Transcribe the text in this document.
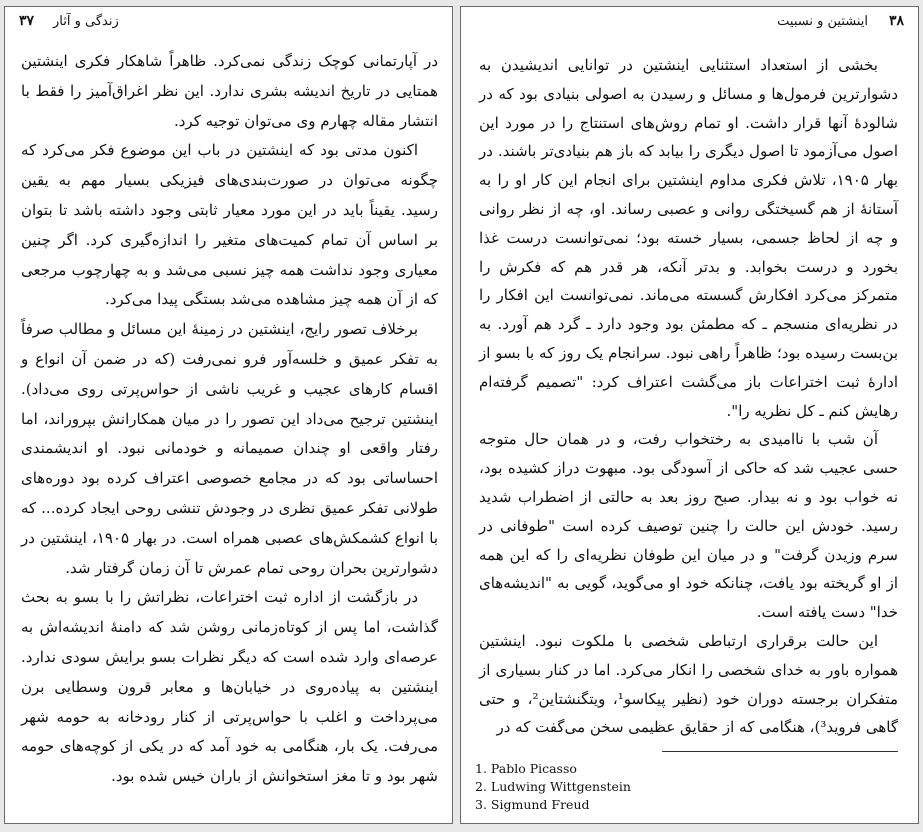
۳۷ زندگی و آثار

در آپارتمانی کوچک زندگی نمی‌کرد. ظاهراً شاهکار فکری اینشتین همتایی در تاریخ اندیشه بشری ندارد. این نظر اغراق‌آمیز را فقط با انتشار مقاله چهارم وی می‌توان توجیه کرد.

اکنون مدتی بود که اینشتین در باب این موضوع فکر می‌کرد که چگونه می‌توان در صورت‌بندی‌های فیزیکی بسیار مهم به یقین رسید. یقیناً باید در این مورد معیار ثابتی وجود داشته باشد تا بتوان بر اساس آن تمام کمیت‌های متغیر را اندازه‌گیری کرد. اگر چنین معیاری وجود نداشت همه چیز نسبی می‌شد و به چهارچوب مرجعی که از آن همه چیز مشاهده می‌شد بستگی پیدا می‌کرد.

برخلاف تصور رایج، اینشتین در زمینهٔ این مسائل و مطالب صرفاً به تفکر عمیق و خلسه‌آور فرو نمی‌رفت (که در ضمن آن انواع و اقسام کارهای عجیب و غریب ناشی از حواس‌پرتی روی می‌داد). اینشتین ترجیح می‌داد این تصور را در میان همکارانش بپروراند، اما رفتار واقعی او چندان صمیمانه و خودمانی نبود. او اندیشمندی احساساتی بود که در مجامع خصوصی اعتراف کرده بود دوره‌های طولانی تفکر عمیق نظری در وجودش تنشی روحی ایجاد کرده... که با انواع کشمکش‌های عصبی همراه است. در بهار ۱۹۰۵، اینشتین در دشوارترین بحران روحی تمام عمرش تا آن زمان گرفتار شد.

در بازگشت از اداره ثبت اختراعات، نظراتش را با بسو به بحث گذاشت، اما پس از کوتاه‌زمانی روشن شد که دامنهٔ اندیشه‌اش به عرصه‌ای وارد شده است که دیگر نظرات بسو برایش سودی ندارد. اینشتین به پیاده‌روی در خیابان‌ها و معابر قرون وسطایی برن می‌پرداخت و اغلب با حواس‌پرتی از کنار رودخانه به حومه شهر می‌رفت. یک بار، هنگامی به خود آمد که در یکی از کوچه‌های حومه شهر بود و تا مغز استخوانش از باران خیس شده بود.

۳۸
اینشتین و نسبیت

بخشی از استعداد استثنایی اینشتین در توانایی اندیشیدن به دشوارترین فرمول‌ها و مسائل و رسیدن به اصولی بنیادی بود که در شالودهٔ آنها قرار داشت. او تمام روش‌های استنتاج را در مورد این اصول می‌آزمود تا اصول دیگری را بیابد که باز هم بنیادی‌تر باشند. در بهار ۱۹۰۵، تلاش فکری مداوم اینشتین برای انجام این کار او را به آستانهٔ از هم گسیختگی روانی و عصبی رساند. او، چه از نظر روانی و چه از لحاظ جسمی، بسیار خسته بود؛ نمی‌توانست درست غذا بخورد و درست بخوابد. و بدتر آنکه، هر قدر هم که فکرش را متمرکز می‌کرد افکارش گسسته می‌ماند. نمی‌توانست این افکار را در نظریه‌ای منسجم ـ که مطمئن بود وجود دارد ـ گرد هم آورد. به بن‌بست رسیده بود؛ ظاهراً راهی نبود. سرانجام یک روز که با بسو از ادارهٔ ثبت اختراعات باز می‌گشت اعتراف کرد: "تصمیم گرفته‌ام رهایش کنم ـ کل نظریه را".

آن شب با ناامیدی به رختخواب رفت، و در همان حال متوجه حسی عجیب شد که حاکی از آسودگی بود. مبهوت دراز کشیده بود، نه خواب بود و نه بیدار. صبح روز بعد به حالتی از اضطراب شدید رسید. خودش این حالت را چنین توصیف کرده است "طوفانی در سرم وزیدن گرفت" و در میان این طوفان نظریه‌ای را که این همه از او گریخته بود یافت، چنانکه خود او می‌گوید، گویی به "اندیشه‌های خدا" دست یافته است.

این حالت برقراری ارتباطی شخصی با ملکوت نبود. اینشتین همواره باور به خدای شخصی را انکار می‌کرد. اما در کنار بسیاری از متفکران برجسته دوران خود (نظیر پیکاسو¹، ویتگنشتاین²، و حتی گاهی فروید³)، هنگامی که از حقایق عظیمی سخن می‌گفت که در

1. Pablo Picasso
2. Ludwing Wittgenstein
3. Sigmund Freud
